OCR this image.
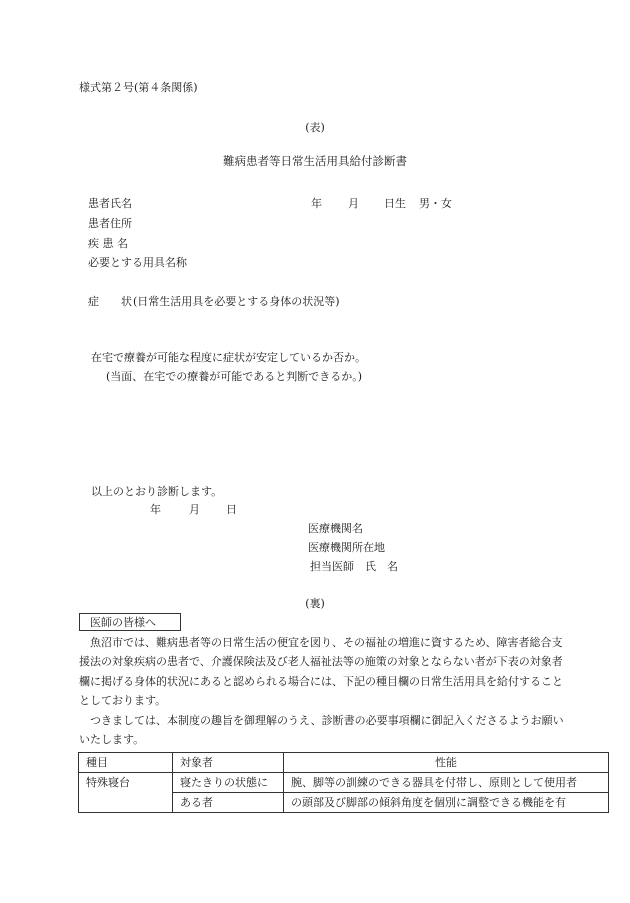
様式第２号(第４条関係)
(表)
難病患者等日常生活用具給付診断書
患者氏名	年 月 日生 男・女
患者住所
疾 患 名
必要とする用具名称
症　　状 (日常生活用具を必要とする身体の状況等)
在宅で療養が可能な程度に症状が安定しているか否か。
(当面、在宅での療養が可能であると判断できるか。)
以上のとおり診断します。
年	月 日
医療機関名
医療機関所在地
担当医師　氏　名
(裏)
医師の皆様へ

　魚沼市では、難病患者等の日常生活の便宜を図り、その福祉の増進に資するため、障害者総合支

援法の対象疾病の患者で、介護保険法及び老人福祉法等の施策の対象とならない者が下表の対象者

欄に掲げる身体的状況にあると認められる場合には、下記の種目欄の日常生活用具を給付すること

としております。

　つきましては、本制度の趣旨を御理解のうえ、診断書の必要事項欄に御記入くださるようお願い

いたします。

種目	対象者	性能
特殊寝台	寝たきりの状態に	腕、脚等の訓練のできる器具を付帯し、原則として使用者
	ある者	の頭部及び脚部の傾斜角度を個別に調整できる機能を有
